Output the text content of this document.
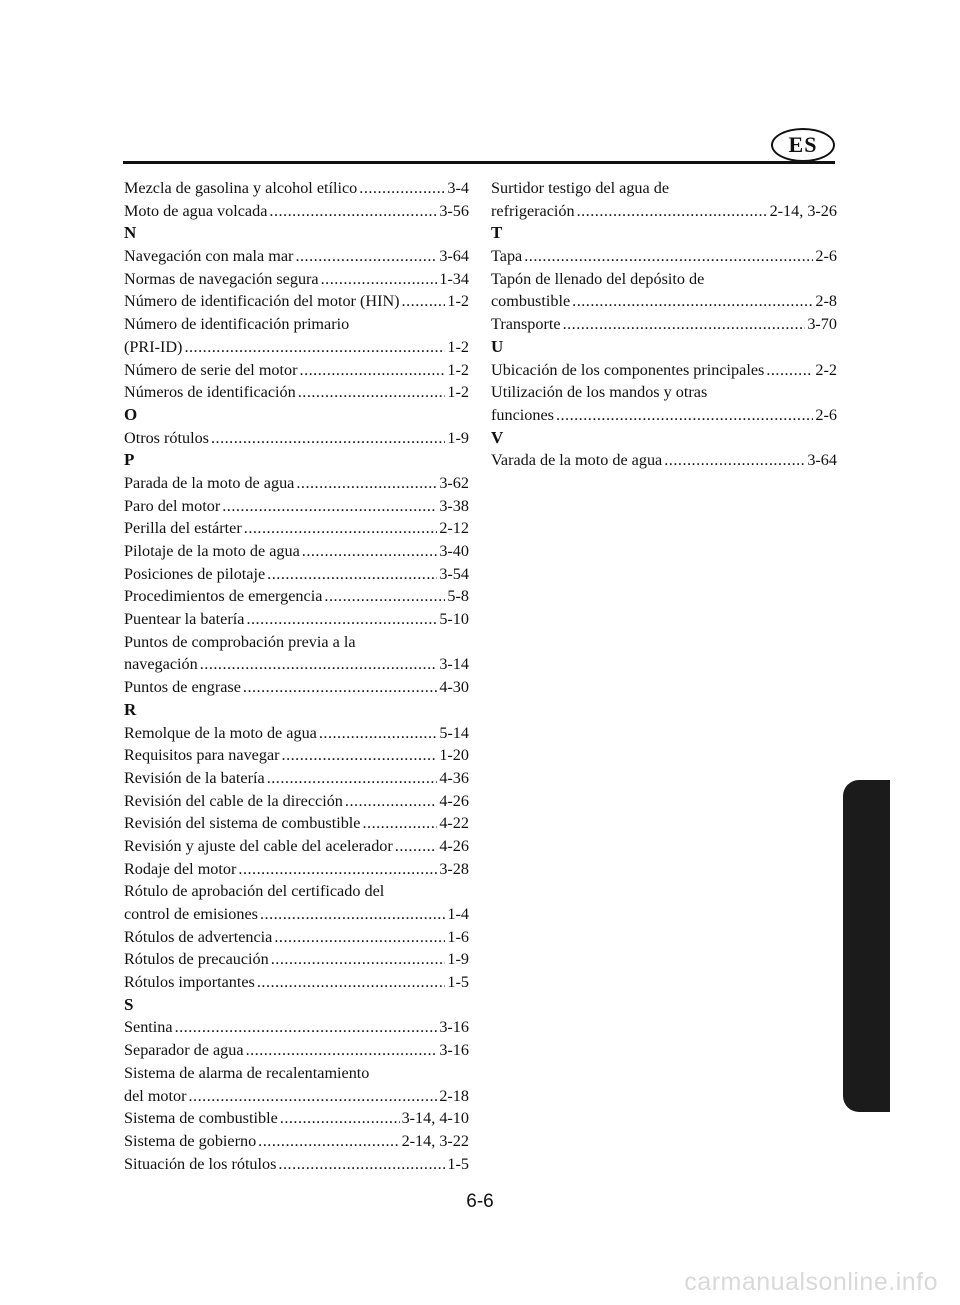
ES
Mezcla de gasolina y alcohol etílico .....	3-4
Moto de agua volcada .....	3-56
N
Navegación con mala mar .....	3-64
Normas de navegación segura .....	1-34
Número de identificación del motor (HIN) .....	1-2
Número de identificación primario
(PRI-ID) .....	1-2
Número de serie del motor .....	1-2
Números de identificación .....	1-2
O
Otros rótulos .....	1-9
P
Parada de la moto de agua .....	3-62
Paro del motor .....	3-38
Perilla del estárter .....	2-12
Pilotaje de la moto de agua .....	3-40
Posiciones de pilotaje .....	3-54
Procedimientos de emergencia .....	5-8
Puentear la batería .....	5-10
Puntos de comprobación previa a la
navegación .....	3-14
Puntos de engrase .....	4-30
R
Remolque de la moto de agua .....	5-14
Requisitos para navegar .....	1-20
Revisión de la batería .....	4-36
Revisión del cable de la dirección .....	4-26
Revisión del sistema de combustible .....	4-22
Revisión y ajuste del cable del acelerador .....	4-26
Rodaje del motor .....	3-28
Rótulo de aprobación del certificado del
control de emisiones .....	1-4
Rótulos de advertencia .....	1-6
Rótulos de precaución .....	1-9
Rótulos importantes .....	1-5
S
Sentina .....	3-16
Separador de agua .....	3-16
Sistema de alarma de recalentamiento
del motor .....	2-18
Sistema de combustible .....	3-14, 4-10
Sistema de gobierno .....	2-14, 3-22
Situación de los rótulos .....	1-5
Surtidor testigo del agua de
refrigeración .....	2-14, 3-26
T
Tapa .....	2-6
Tapón de llenado del depósito de
combustible .....	2-8
Transporte .....	3-70
U
Ubicación de los componentes principales .....	2-2
Utilización de los mandos y otras
funciones .....	2-6
V
Varada de la moto de agua .....	3-64
6-6
carmanualsonline.info
